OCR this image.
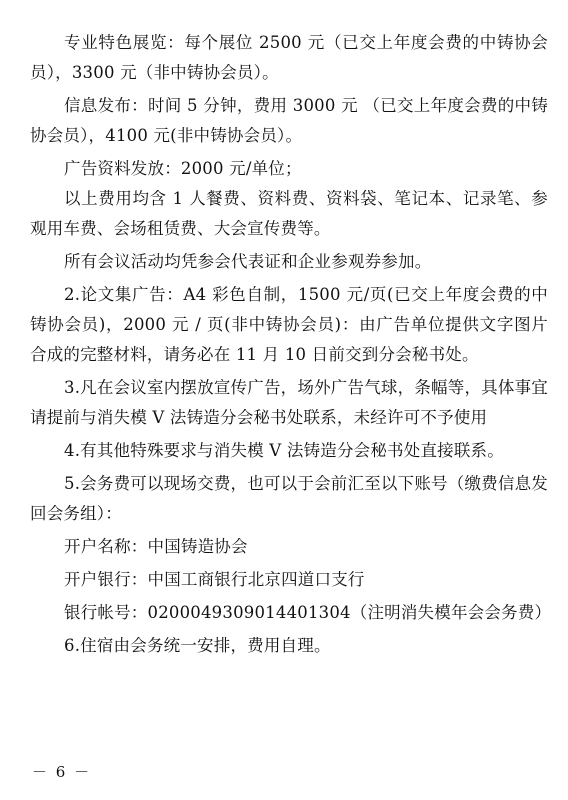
专业特色展览：每个展位 2500 元（已交上年度会费的中铸协会员），3300 元（非中铸协会员）。

信息发布：时间 5 分钟，费用 3000 元 （已交上年度会费的中铸协会员），4100 元(非中铸协会员）。

广告资料发放：2000 元/单位；

以上费用均含 1 人餐费、资料费、资料袋、笔记本、记录笔、参观用车费、会场租赁费、大会宣传费等。

所有会议活动均凭参会代表证和企业参观券参加。

2.论文集广告：A4 彩色自制，1500 元/页(已交上年度会费的中铸协会员)，2000 元 / 页(非中铸协会员)：由广告单位提供文字图片合成的完整材料，请务必在 11 月 10 日前交到分会秘书处。

3.凡在会议室内摆放宣传广告，场外广告气球，条幅等，具体事宜请提前与消失模 V 法铸造分会秘书处联系，未经许可不予使用

4.有其他特殊要求与消失模 V 法铸造分会秘书处直接联系。

5.会务费可以现场交费，也可以于会前汇至以下账号（缴费信息发回会务组）：

开户名称：中国铸造协会

开户银行：中国工商银行北京四道口支行

银行帐号：0200049309014401304（注明消失模年会会务费）

6.住宿由会务统一安排，费用自理。

－ 6 －
